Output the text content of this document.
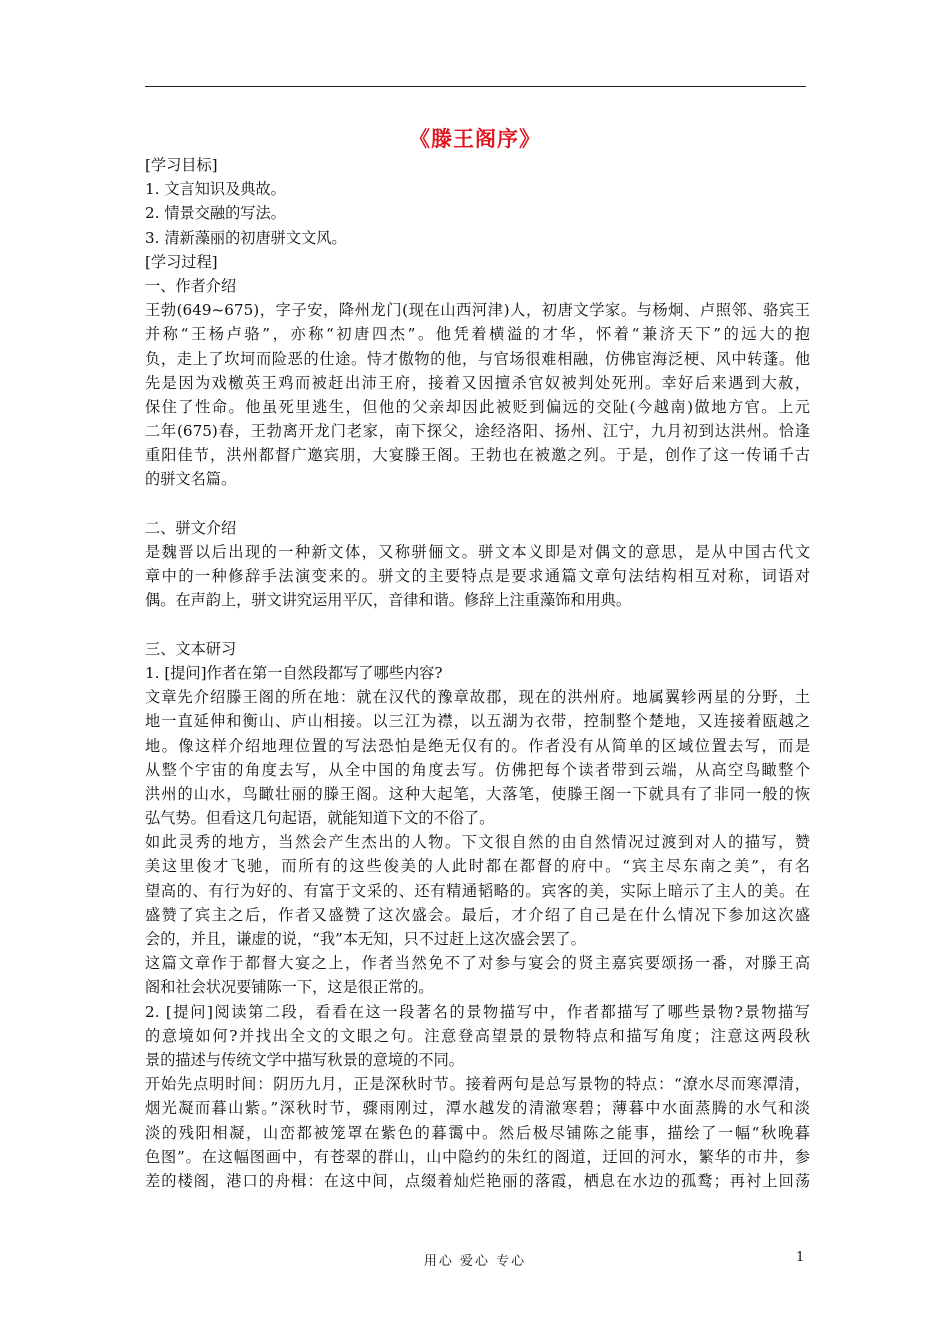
《滕王阁序》
[学习目标]
1. 文言知识及典故。
2. 情景交融的写法。
3. 清新藻丽的初唐骈文文风。
[学习过程]
一、作者介绍
王勃(649~675)，字子安，降州龙门(现在山西河津)人，初唐文学家。与杨炯、卢照邻、骆宾王
并称“王杨卢骆”，亦称“初唐四杰”。他凭着横溢的才华，怀着“兼济天下”的远大的抱
负，走上了坎坷而险恶的仕途。恃才傲物的他，与官场很难相融，仿佛宦海泛梗、风中转蓬。他
先是因为戏檄英王鸡而被赶出沛王府，接着又因擅杀官奴被判处死刑。幸好后来遇到大赦，
保住了性命。他虽死里逃生，但他的父亲却因此被贬到偏远的交阯(今越南)做地方官。上元
二年(675)春，王勃离开龙门老家，南下探父，途经洛阳、扬州、江宁，九月初到达洪州。恰逢
重阳佳节，洪州都督广邀宾朋，大宴滕王阁。王勃也在被邀之列。于是，创作了这一传诵千古
的骈文名篇。
二、骈文介绍
是魏晋以后出现的一种新文体，又称骈俪文。骈文本义即是对偶文的意思，是从中国古代文
章中的一种修辞手法演变来的。骈文的主要特点是要求通篇文章句法结构相互对称，词语对
偶。在声韵上，骈文讲究运用平仄，音律和谐。修辞上注重藻饰和用典。
三、文本研习
1. [提问]作者在第一自然段都写了哪些内容?
文章先介绍滕王阁的所在地：就在汉代的豫章故郡，现在的洪州府。地属翼轸两星的分野，土
地一直延伸和衡山、庐山相接。以三江为襟，以五湖为衣带，控制整个楚地，又连接着瓯越之
地。像这样介绍地理位置的写法恐怕是绝无仅有的。作者没有从简单的区域位置去写，而是
从整个宇宙的角度去写，从全中国的角度去写。仿佛把每个读者带到云端，从高空鸟瞰整个
洪州的山水，鸟瞰壮丽的滕王阁。这种大起笔，大落笔，使滕王阁一下就具有了非同一般的恢
弘气势。但看这几句起语，就能知道下文的不俗了。
如此灵秀的地方，当然会产生杰出的人物。下文很自然的由自然情况过渡到对人的描写，赞
美这里俊才飞驰，而所有的这些俊美的人此时都在都督的府中。“宾主尽东南之美”，有名
望高的、有行为好的、有富于文采的、还有精通韬略的。宾客的美，实际上暗示了主人的美。在
盛赞了宾主之后，作者又盛赞了这次盛会。最后，才介绍了自己是在什么情况下参加这次盛
会的，并且，谦虚的说，“我”本无知，只不过赶上这次盛会罢了。
这篇文章作于都督大宴之上，作者当然免不了对参与宴会的贤主嘉宾要颂扬一番，对滕王高
阁和社会状况要铺陈一下，这是很正常的。
2. [提问]阅读第二段，看看在这一段著名的景物描写中，作者都描写了哪些景物?景物描写
的意境如何?并找出全文的文眼之句。注意登高望景的景物特点和描写角度；注意这两段秋
景的描述与传统文学中描写秋景的意境的不同。
开始先点明时间：阴历九月，正是深秋时节。接着两句是总写景物的特点：“潦水尽而寒潭清，
烟光凝而暮山紫。”深秋时节，骤雨刚过，潭水越发的清澈寒碧；薄暮中水面蒸腾的水气和淡
淡的残阳相凝，山峦都被笼罩在紫色的暮霭中。然后极尽铺陈之能事，描绘了一幅“秋晚暮
色图”。在这幅图画中，有苍翠的群山，山中隐约的朱红的阁道，迂回的河水，繁华的市井，参
差的楼阁，港口的舟楫：在这中间，点缀着灿烂艳丽的落霞，栖息在水边的孤鹜；再衬上回荡
用心 爱心 专心	1
